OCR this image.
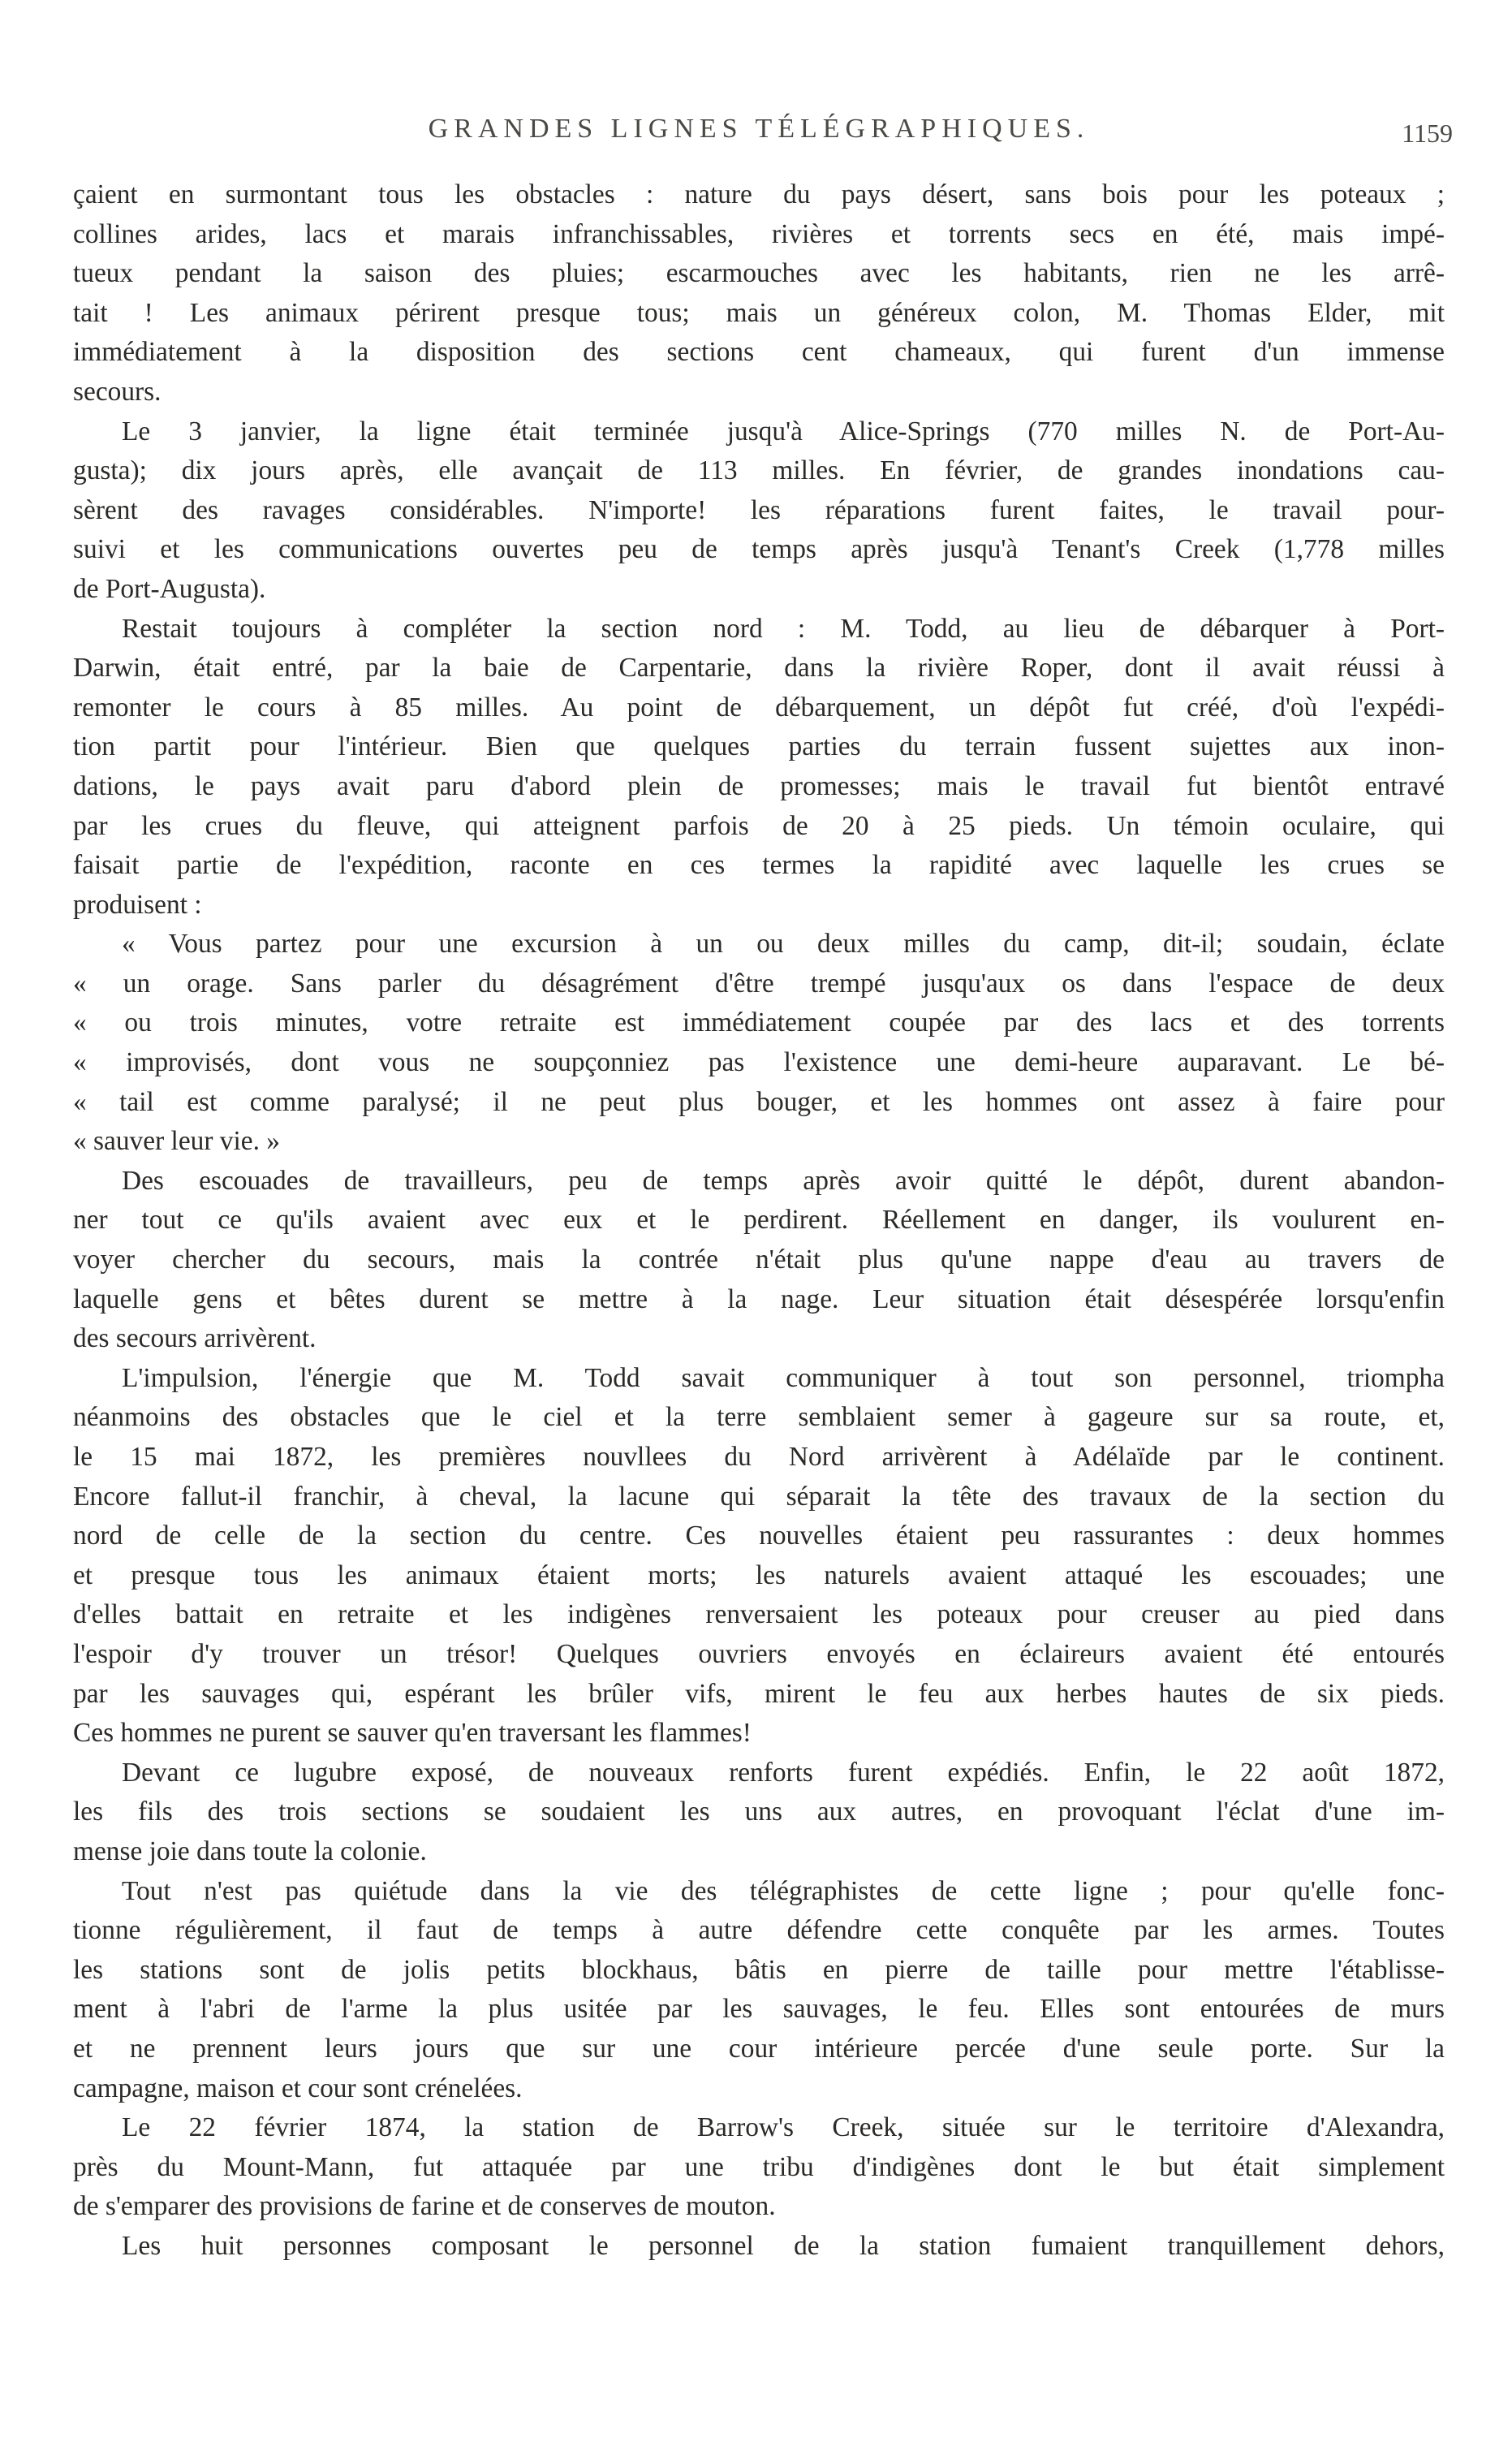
GRANDES LIGNES TÉLÉGRAPHIQUES.	1159

çaient en surmontant tous les obstacles : nature du pays désert, sans bois pour les poteaux ;
collines arides, lacs et marais infranchissables, rivières et torrents secs en été, mais impé-
tueux pendant la saison des pluies; escarmouches avec les habitants, rien ne les arrê-
tait ! Les animaux périrent presque tous; mais un généreux colon, M. Thomas Elder, mit
immédiatement à la disposition des sections cent chameaux, qui furent d'un immense
secours.

Le 3 janvier, la ligne était terminée jusqu'à Alice-Springs (770 milles N. de Port-Au-
gusta); dix jours après, elle avançait de 113 milles. En février, de grandes inondations cau-
sèrent des ravages considérables. N'importe! les réparations furent faites, le travail pour-
suivi et les communications ouvertes peu de temps après jusqu'à Tenant's Creek (1,778 milles
de Port-Augusta).

Restait toujours à compléter la section nord : M. Todd, au lieu de débarquer à Port-
Darwin, était entré, par la baie de Carpentarie, dans la rivière Roper, dont il avait réussi à
remonter le cours à 85 milles. Au point de débarquement, un dépôt fut créé, d'où l'expédi-
tion partit pour l'intérieur. Bien que quelques parties du terrain fussent sujettes aux inon-
dations, le pays avait paru d'abord plein de promesses; mais le travail fut bientôt entravé
par les crues du fleuve, qui atteignent parfois de 20 à 25 pieds. Un témoin oculaire, qui
faisait partie de l'expédition, raconte en ces termes la rapidité avec laquelle les crues se
produisent :

« Vous partez pour une excursion à un ou deux milles du camp, dit-il; soudain, éclate
« un orage. Sans parler du désagrément d'être trempé jusqu'aux os dans l'espace de deux
« ou trois minutes, votre retraite est immédiatement coupée par des lacs et des torrents
« improvisés, dont vous ne soupçonniez pas l'existence une demi-heure auparavant. Le bé-
« tail est comme paralysé; il ne peut plus bouger, et les hommes ont assez à faire pour
« sauver leur vie. »

Des escouades de travailleurs, peu de temps après avoir quitté le dépôt, durent abandon-
ner tout ce qu'ils avaient avec eux et le perdirent. Réellement en danger, ils voulurent en-
voyer chercher du secours, mais la contrée n'était plus qu'une nappe d'eau au travers de
laquelle gens et bêtes durent se mettre à la nage. Leur situation était désespérée lorsqu'enfin
des secours arrivèrent.

L'impulsion, l'énergie que M. Todd savait communiquer à tout son personnel, triompha
néanmoins des obstacles que le ciel et la terre semblaient semer à gageure sur sa route, et,
le 15 mai 1872, les premières nouvllees du Nord arrivèrent à Adélaïde par le continent.
Encore fallut-il franchir, à cheval, la lacune qui séparait la tête des travaux de la section du
nord de celle de la section du centre. Ces nouvelles étaient peu rassurantes : deux hommes
et presque tous les animaux étaient morts; les naturels avaient attaqué les escouades; une
d'elles battait en retraite et les indigènes renversaient les poteaux pour creuser au pied dans
l'espoir d'y trouver un trésor! Quelques ouvriers envoyés en éclaireurs avaient été entourés
par les sauvages qui, espérant les brûler vifs, mirent le feu aux herbes hautes de six pieds.
Ces hommes ne purent se sauver qu'en traversant les flammes!

Devant ce lugubre exposé, de nouveaux renforts furent expédiés. Enfin, le 22 août 1872,
les fils des trois sections se soudaient les uns aux autres, en provoquant l'éclat d'une im-
mense joie dans toute la colonie.

Tout n'est pas quiétude dans la vie des télégraphistes de cette ligne ; pour qu'elle fonc-
tionne régulièrement, il faut de temps à autre défendre cette conquête par les armes. Toutes
les stations sont de jolis petits blockhaus, bâtis en pierre de taille pour mettre l'établisse-
ment à l'abri de l'arme la plus usitée par les sauvages, le feu. Elles sont entourées de murs
et ne prennent leurs jours que sur une cour intérieure percée d'une seule porte. Sur la
campagne, maison et cour sont crénelées.

Le 22 février 1874, la station de Barrow's Creek, située sur le territoire d'Alexandra,
près du Mount-Mann, fut attaquée par une tribu d'indigènes dont le but était simplement
de s'emparer des provisions de farine et de conserves de mouton.

Les huit personnes composant le personnel de la station fumaient tranquillement dehors,
